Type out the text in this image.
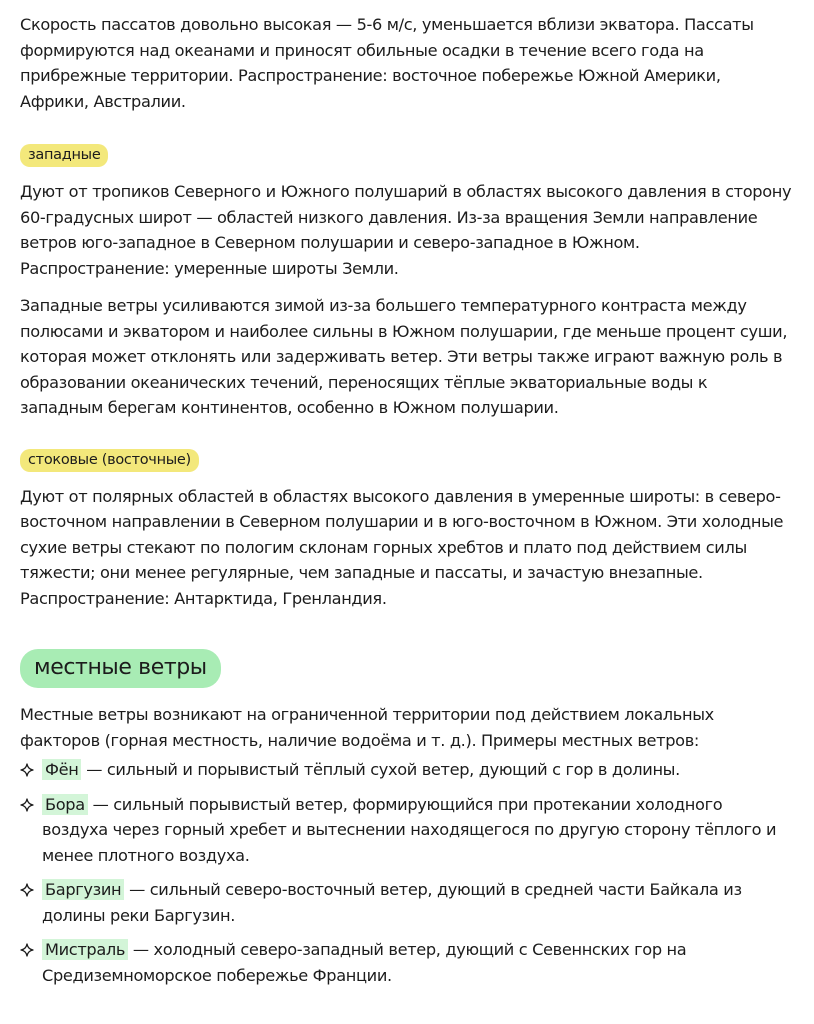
Скорость пассатов довольно высокая — 5-6 м/с, уменьшается вблизи экватора. Пассаты формируются над океанами и приносят обильные осадки в течение всего года на прибрежные территории. Распространение: восточное побережье Южной Америки, Африки, Австралии.

западные

Дуют от тропиков Северного и Южного полушарий в областях высокого давления в сторону 60-градусных широт — областей низкого давления. Из-за вращения Земли направление ветров юго-западное в Северном полушарии и северо-западное в Южном. Распространение: умеренные широты Земли.

Западные ветры усиливаются зимой из-за большего температурного контраста между полюсами и экватором и наиболее сильны в Южном полушарии, где меньше процент суши, которая может отклонять или задерживать ветер. Эти ветры также играют важную роль в образовании океанических течений, переносящих тёплые экваториальные воды к западным берегам континентов, особенно в Южном полушарии.

стоковые (восточные)

Дуют от полярных областей в областях высокого давления в умеренные широты: в северо-восточном направлении в Северном полушарии и в юго-восточном в Южном. Эти холодные сухие ветры стекают по пологим склонам горных хребтов и плато под действием силы тяжести; они менее регулярные, чем западные и пассаты, и зачастую внезапные. Распространение: Антарктида, Гренландия.

местные ветры

Местные ветры возникают на ограниченной территории под действием локальных факторов (горная местность, наличие водоёма и т. д.). Примеры местных ветров:

Фён — сильный и порывистый тёплый сухой ветер, дующий с гор в долины.

Бора — сильный порывистый ветер, формирующийся при протекании холодного воздуха через горный хребет и вытеснении находящегося по другую сторону тёплого и менее плотного воздуха.

Баргузин — сильный северо-восточный ветер, дующий в средней части Байкала из долины реки Баргузин.

Мистраль — холодный северо-западный ветер, дующий с Севеннских гор на Средиземноморское побережье Франции.
